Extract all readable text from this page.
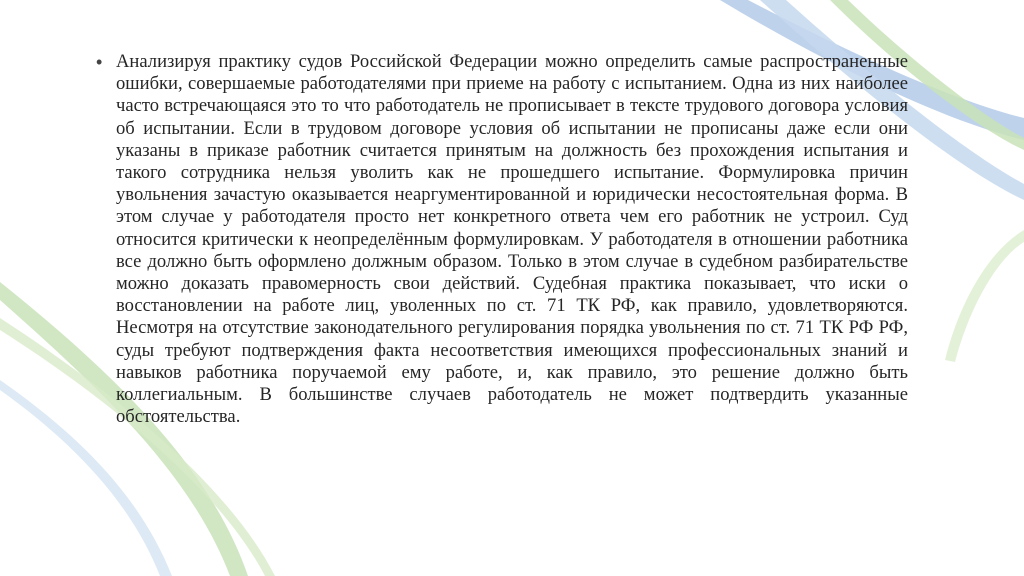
• Анализируя практику судов Российской Федерации можно определить самые распространенные ошибки, совершаемые работодателями при приеме на работу с испытанием. Одна из них наиболее часто встречающаяся это то что работодатель не прописывает в тексте трудового договора условия об испытании. Если в трудовом договоре условия об испытании не прописаны даже если они указаны в приказе работник считается принятым на должность без прохождения испытания и такого сотрудника нельзя уволить как не прошедшего испытание. Формулировка причин увольнения зачастую оказывается неаргументированной и юридически несостоятельная форма. В этом случае у работодателя просто нет конкретного ответа чем его работник не устроил. Суд относится критически к неопределённым формулировкам. У работодателя в отношении работника все должно быть оформлено должным образом. Только в этом случае в судебном разбирательстве можно доказать правомерность свои действий. Судебная практика показывает, что иски о восстановлении на работе лиц, уволенных по ст. 71 ТК РФ, как правило, удовлетворяются. Несмотря на отсутствие законодательного регулирования порядка увольнения по ст. 71 ТК РФ РФ, суды требуют подтверждения факта несоответствия имеющихся профессиональных знаний и навыков работника поручаемой ему работе, и, как правило, это решение должно быть коллегиальным. В большинстве случаев работодатель не может подтвердить указанные обстоятельства.
